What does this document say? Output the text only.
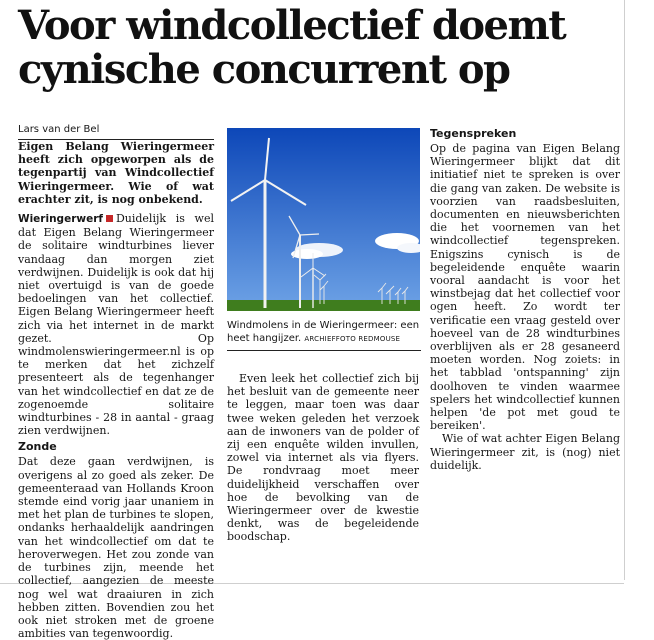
Voor windcollectief doemt cynische concurrent op

Lars van der Bel

Eigen Belang Wieringermeer heeft zich opgeworpen als de tegenpartij van Windcollectief Wieringermeer. Wie of wat erachter zit, is nog onbekend.

Wieringerwerf Duidelijk is wel dat Eigen Belang Wieringermeer de solitaire windturbines liever vandaag dan morgen ziet verdwijnen. Duidelijk is ook dat hij niet overtuigd is van de goede bedoelingen van het collectief. Eigen Belang Wieringermeer heeft zich via het internet in de markt gezet. Op windmolenswieringermeer.nl is op te merken dat het zichzelf presenteert als de tegenhanger van het windcollectief en dat ze de zogenoemde solitaire windturbines - 28 in aantal - graag zien verdwijnen.

Zonde

Dat deze gaan verdwijnen, is overigens al zo goed als zeker. De gemeenteraad van Hollands Kroon stemde eind vorig jaar unaniem in met het plan de turbines te slopen, ondanks herhaaldelijk aandringen van het windcollectief om dat te heroverwegen. Het zou zonde van de turbines zijn, meende het collectief, aangezien de meeste nog wel wat draaiuren in zich hebben zitten. Bovendien zou het ook niet stroken met de groene ambities van tegenwoordig.

Windmolens in de Wieringermeer: een heet hangijzer. ARCHIEFFOTO REDMOUSE

Even leek het collectief zich bij het besluit van de gemeente neer te leggen, maar toen was daar twee weken geleden het verzoek aan de inwoners van de polder of zij een enquête wilden invullen, zowel via internet als via flyers. De rondvraag moet meer duidelijkheid verschaffen over hoe de bevolking van de Wieringermeer over de kwestie denkt, was de begeleidende boodschap.

Tegenspreken

Op de pagina van Eigen Belang Wieringermeer blijkt dat dit initiatief niet te spreken is over die gang van zaken. De website is voorzien van raadsbesluiten, documenten en nieuwsberichten die het voornemen van het windcollectief tegenspreken. Enigszins cynisch is de begeleidende enquête waarin vooral aandacht is voor het winstbejag dat het collectief voor ogen heeft. Zo wordt ter verificatie een vraag gesteld over hoeveel van de 28 windturbines overblijven als er 28 gesaneerd moeten worden. Nog zoiets: in het tabblad 'ontspanning' zijn doolhoven te vinden waarmee spelers het windcollectief kunnen helpen 'de pot met goud te bereiken'.

Wie of wat achter Eigen Belang Wieringermeer zit, is (nog) niet duidelijk.
